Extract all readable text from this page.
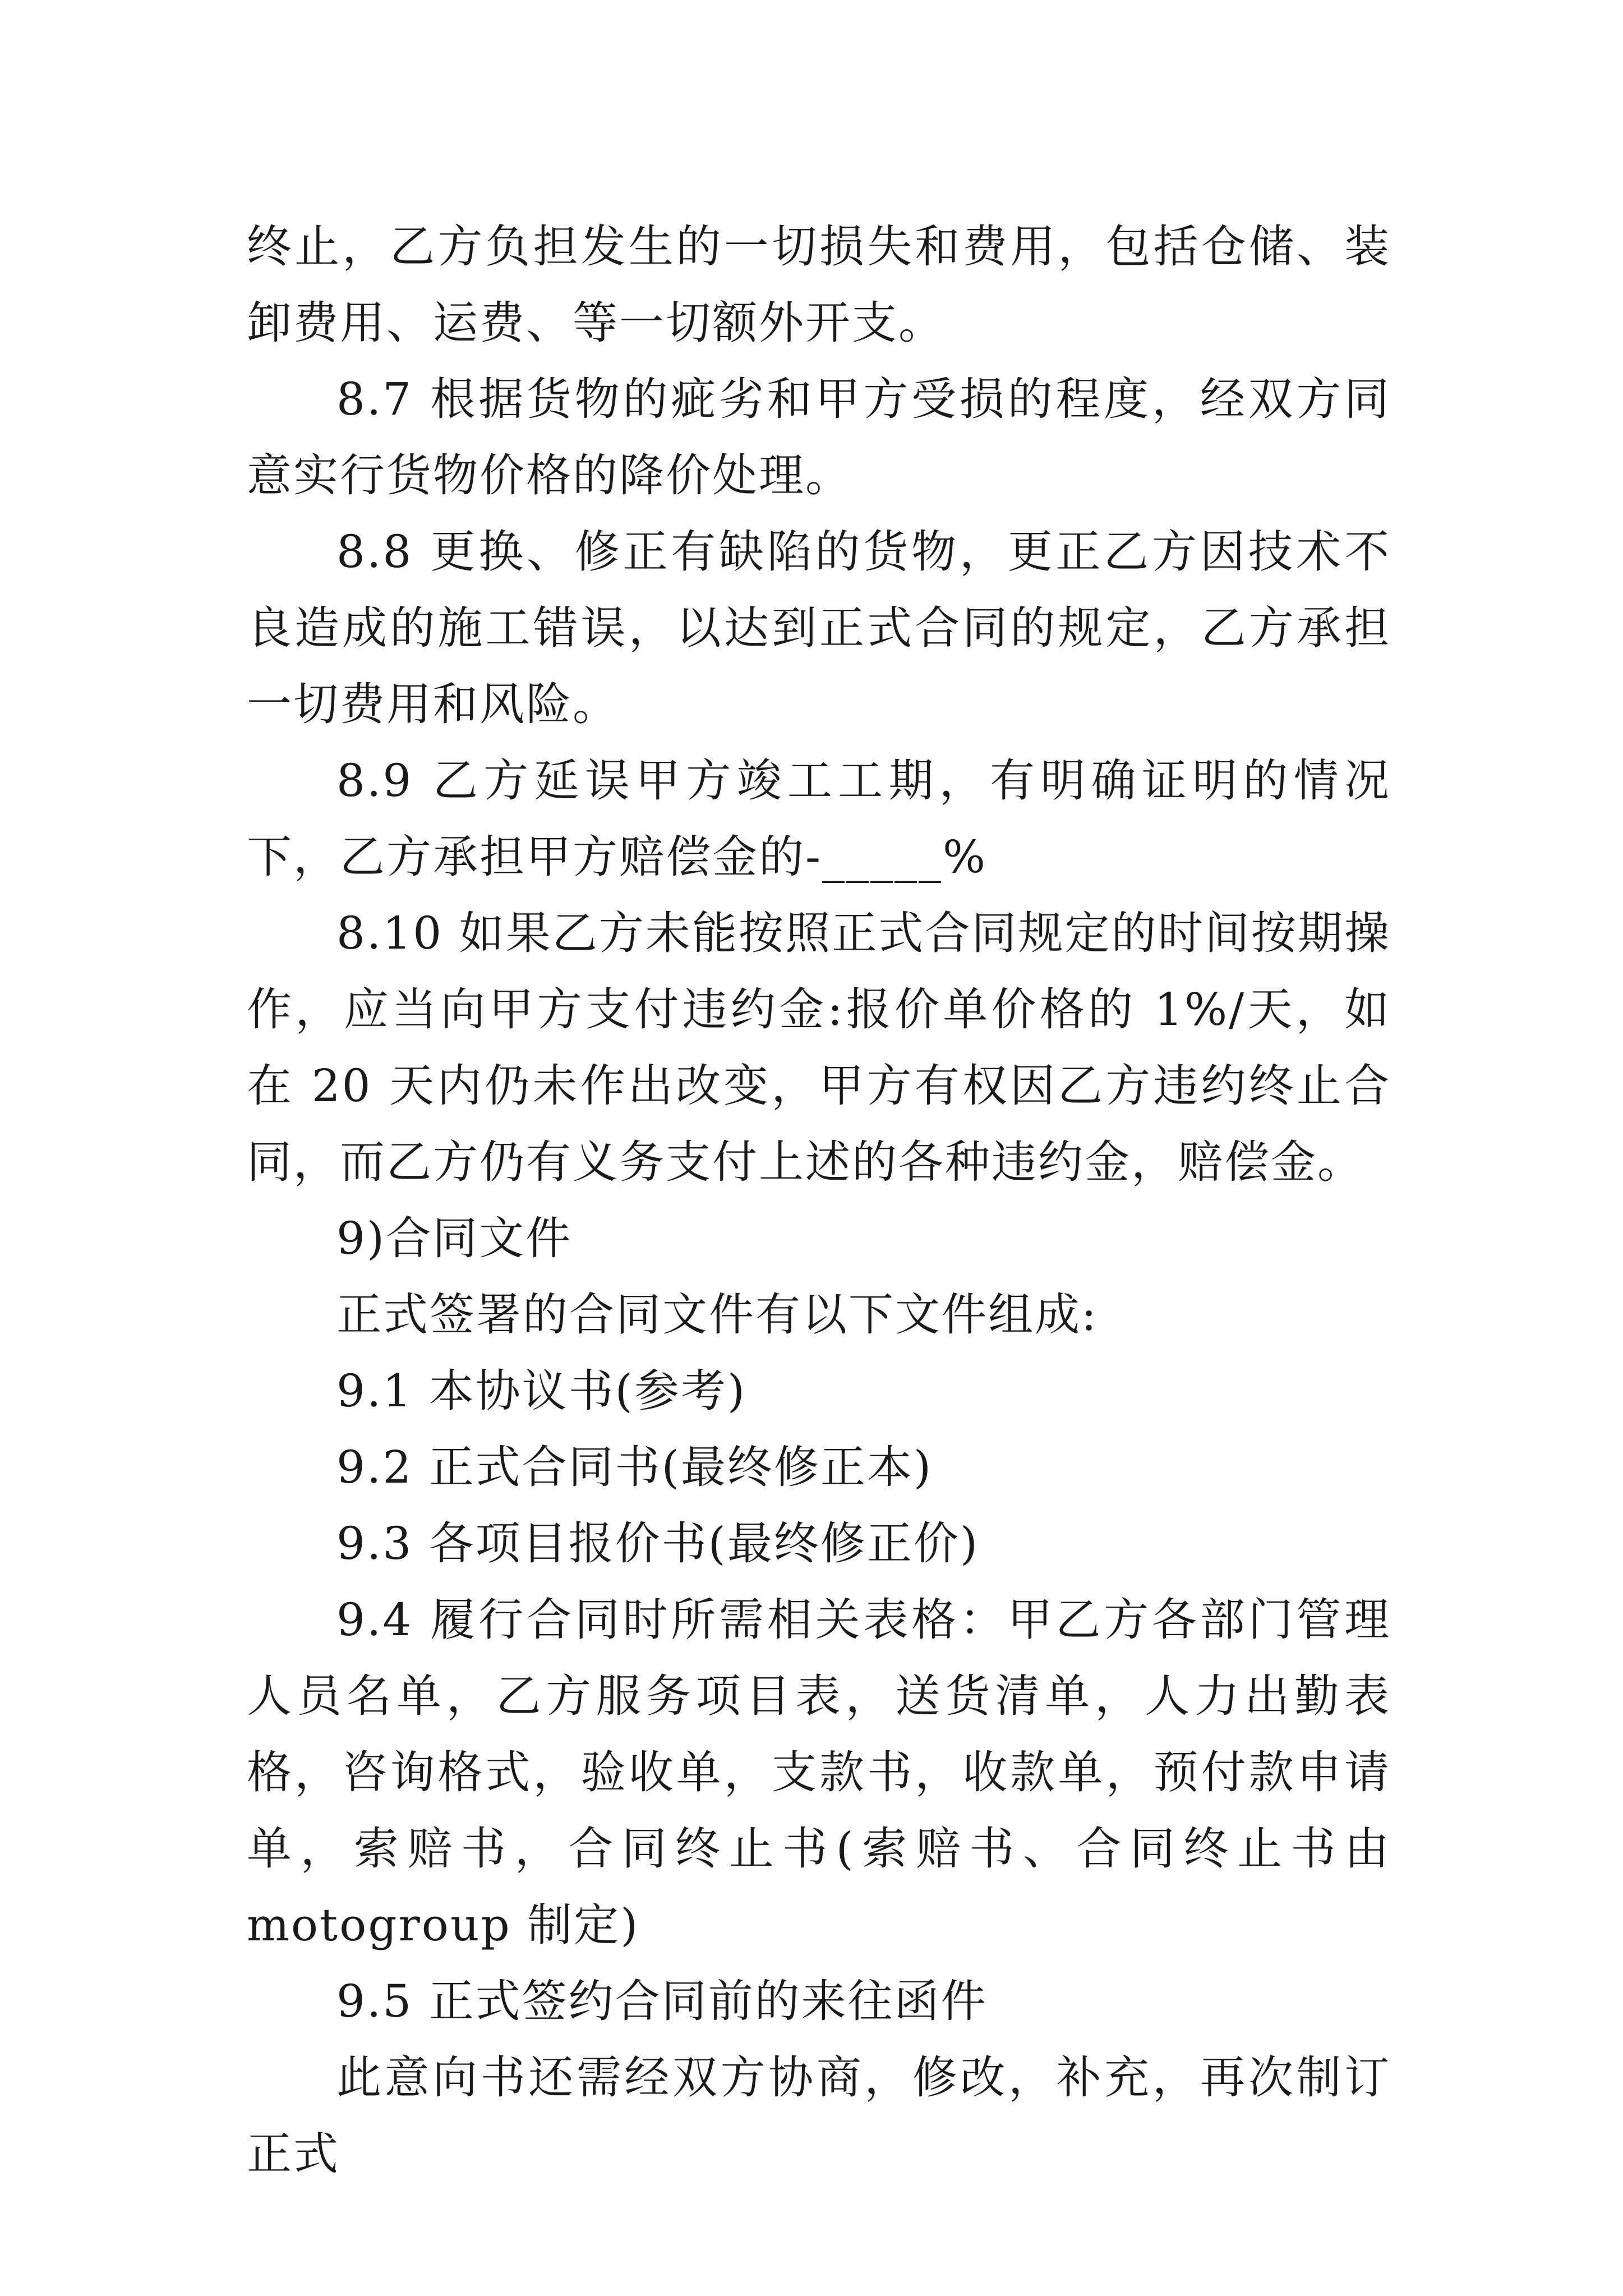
终止，乙方负担发生的一切损失和费用，包括仓储、装卸费用、运费、等一切额外开支。

8.7 根据货物的疵劣和甲方受损的程度，经双方同意实行货物价格的降价处理。

8.8 更换、修正有缺陷的货物，更正乙方因技术不良造成的施工错误，以达到正式合同的规定，乙方承担一切费用和风险。

8.9 乙方延误甲方竣工工期，有明确证明的情况下，乙方承担甲方赔偿金的-_____%

8.10 如果乙方未能按照正式合同规定的时间按期操作，应当向甲方支付违约金:报价单价格的 1%/天，如在 20 天内仍未作出改变，甲方有权因乙方违约终止合同，而乙方仍有义务支付上述的各种违约金，赔偿金。

9)合同文件

正式签署的合同文件有以下文件组成:

9.1 本协议书(参考)

9.2 正式合同书(最终修正本)

9.3 各项目报价书(最终修正价)

9.4 履行合同时所需相关表格：甲乙方各部门管理人员名单，乙方服务项目表，送货清单，人力出勤表格，咨询格式，验收单，支款书，收款单，预付款申请单，索赔书，合同终止书(索赔书、合同终止书由 motogroup 制定)

9.5 正式签约合同前的来往函件

此意向书还需经双方协商，修改，补充，再次制订正式
